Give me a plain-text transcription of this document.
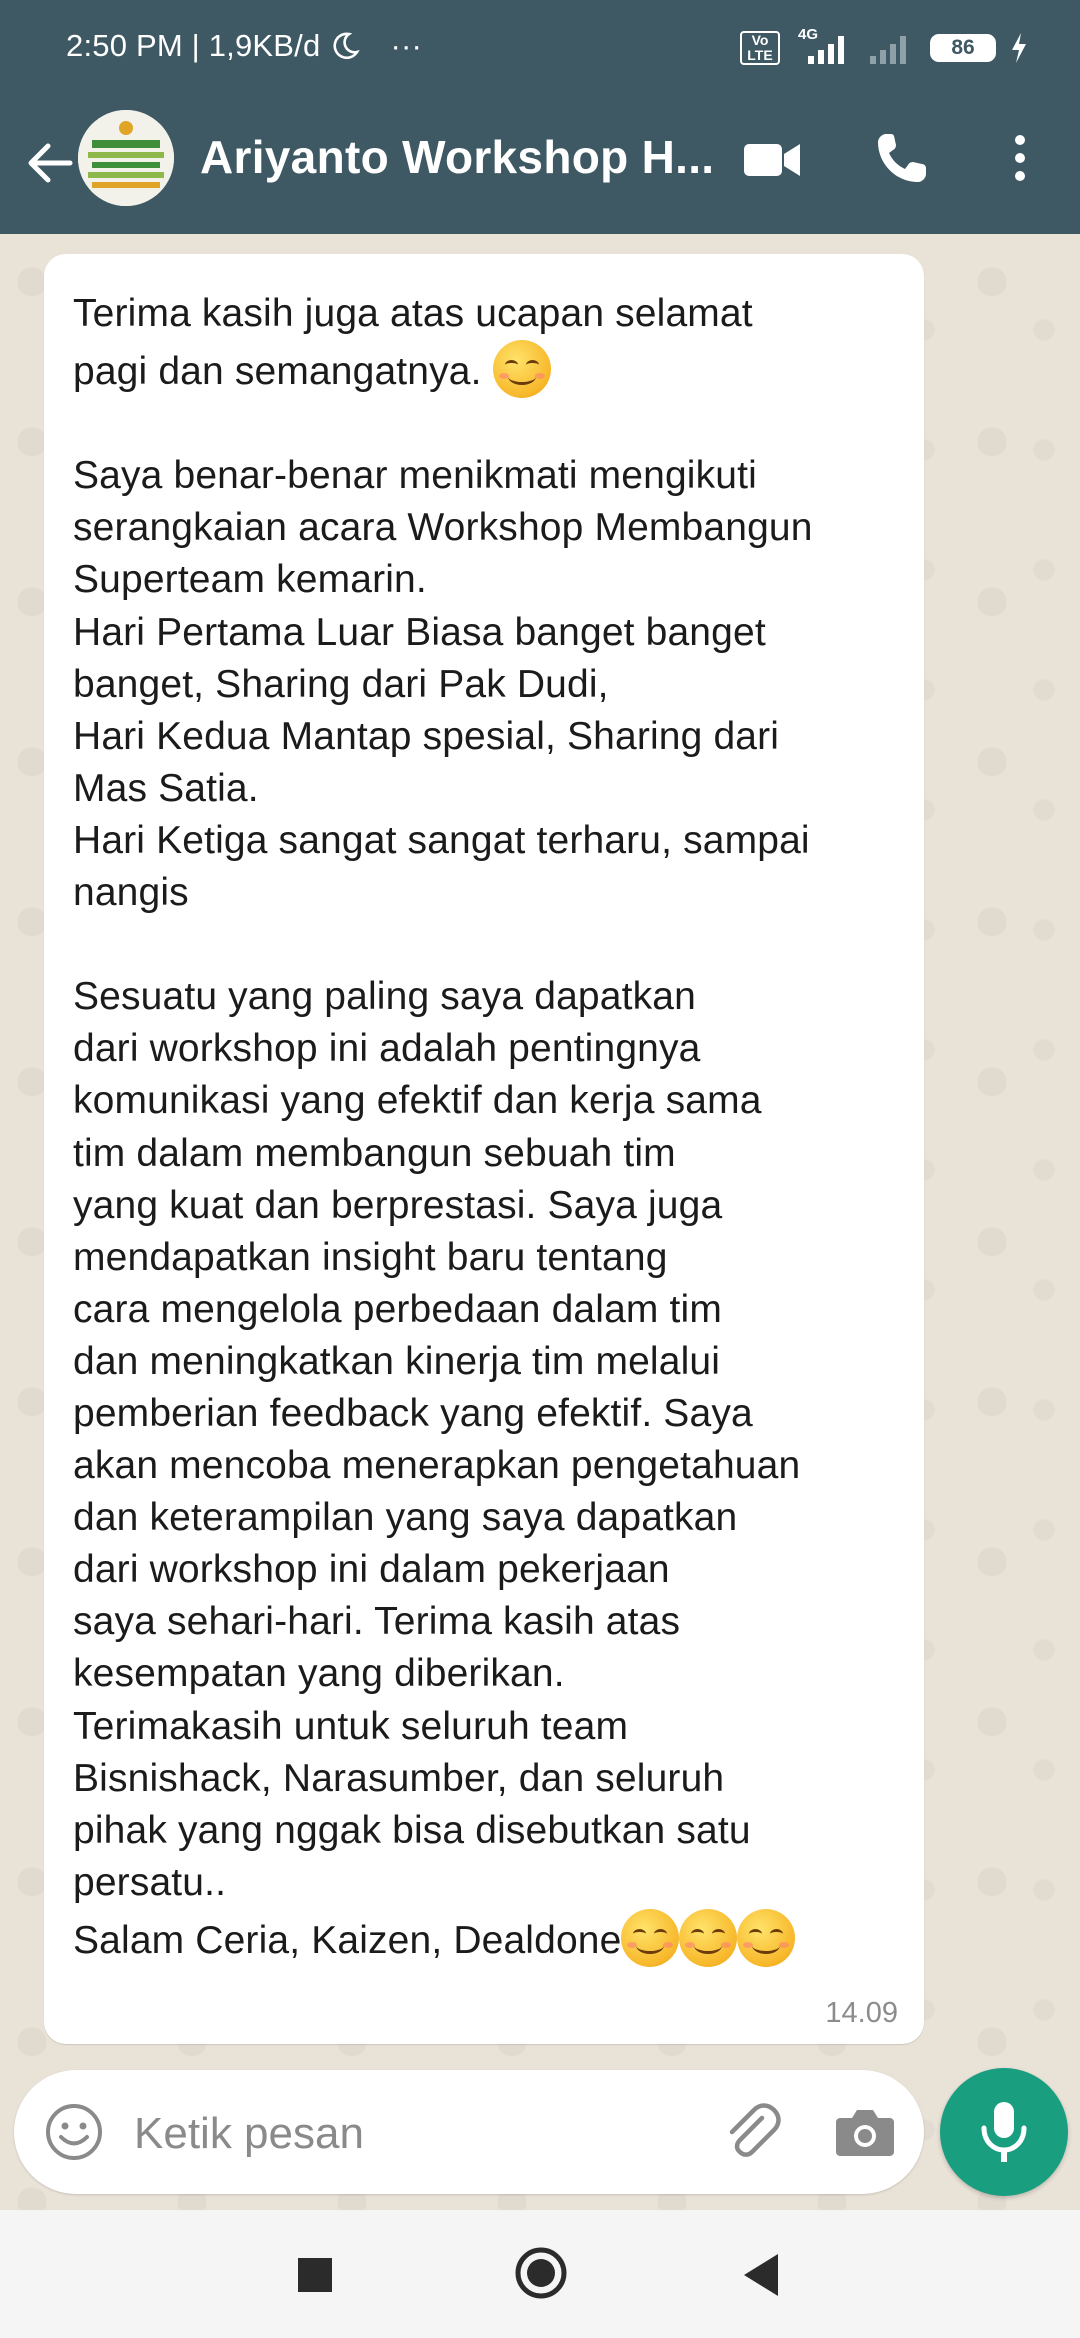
2:50 PM | 1,9KB/d ···	Vo LTE
4G
86
Ariyanto Workshop H...
Terima kasih juga atas ucapan selamat
pagi dan semangatnya.

Saya benar-benar menikmati mengikuti
serangkaian acara Workshop Membangun
Superteam kemarin.
Hari Pertama Luar Biasa banget banget
banget, Sharing dari Pak Dudi,
Hari Kedua Mantap spesial, Sharing dari
Mas Satia.
Hari Ketiga sangat sangat terharu, sampai
nangis

Sesuatu yang paling saya dapatkan
dari workshop ini adalah pentingnya
komunikasi yang efektif dan kerja sama
tim dalam membangun sebuah tim
yang kuat dan berprestasi. Saya juga
mendapatkan insight baru tentang
cara mengelola perbedaan dalam tim
dan meningkatkan kinerja tim melalui
pemberian feedback yang efektif. Saya
akan mencoba menerapkan pengetahuan
dan keterampilan yang saya dapatkan
dari workshop ini dalam pekerjaan
saya sehari-hari. Terima kasih atas
kesempatan yang diberikan.
Terimakasih untuk seluruh team
Bisnishack, Narasumber, dan seluruh
pihak yang nggak bisa disebutkan satu
persatu..
Salam Ceria, Kaizen, Dealdone
14.09
Ketik pesan
